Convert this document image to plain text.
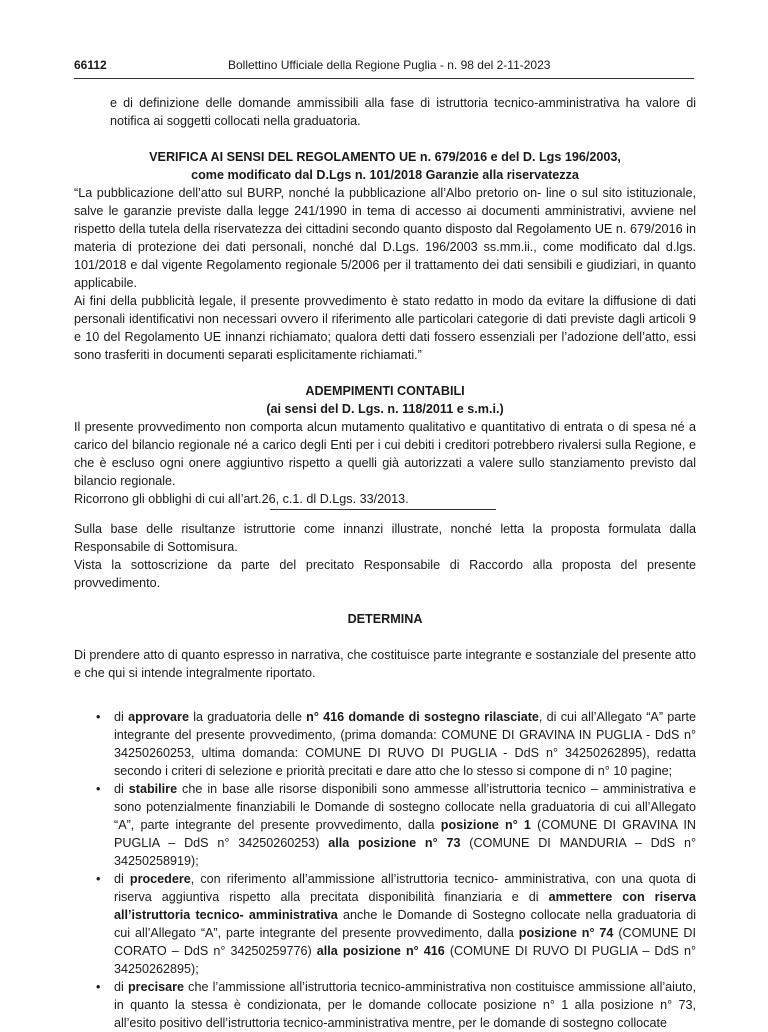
66112	Bollettino Ufficiale della Regione Puglia - n. 98 del 2-11-2023

e di definizione delle domande ammissibili alla fase di istruttoria tecnico-amministrativa ha valore di notifica ai soggetti collocati nella graduatoria.

VERIFICA AI SENSI DEL REGOLAMENTO UE n. 679/2016 e del D. Lgs 196/2003,

come modificato dal D.Lgs n. 101/2018 Garanzie alla riservatezza

“La pubblicazione dell’atto sul BURP, nonché la pubblicazione all’Albo pretorio on- line o sul sito istituzionale, salve le garanzie previste dalla legge 241/1990 in tema di accesso ai documenti amministrativi, avviene nel rispetto della tutela della riservatezza dei cittadini secondo quanto disposto dal Regolamento UE n. 679/2016 in materia di protezione dei dati personali, nonché dal D.Lgs. 196/2003 ss.mm.ii., come modificato dal d.lgs. 101/2018 e dal vigente Regolamento regionale 5/2006 per il trattamento dei dati sensibili e giudiziari, in quanto applicabile.

Ai fini della pubblicità legale, il presente provvedimento è stato redatto in modo da evitare la diffusione di dati personali identificativi non necessari ovvero il riferimento alle particolari categorie di dati previste dagli articoli 9 e 10 del Regolamento UE innanzi richiamato; qualora detti dati fossero essenziali per l’adozione dell’atto, essi sono trasferiti in documenti separati esplicitamente richiamati.”

ADEMPIMENTI CONTABILI

(ai sensi del D. Lgs. n. 118/2011 e s.m.i.)

Il presente provvedimento non comporta alcun mutamento qualitativo e quantitativo di entrata o di spesa né a carico del bilancio regionale né a carico degli Enti per i cui debiti i creditori potrebbero rivalersi sulla Regione, e che è escluso ogni onere aggiuntivo rispetto a quelli già autorizzati a valere sullo stanziamento previsto dal bilancio regionale.

Ricorrono gli obblighi di cui all’art.26, c.1. dl D.Lgs. 33/2013.

Sulla base delle risultanze istruttorie come innanzi illustrate, nonché letta la proposta formulata dalla Responsabile di Sottomisura.

Vista la sottoscrizione da parte del precitato Responsabile di Raccordo alla proposta del presente provvedimento.

DETERMINA

Di prendere atto di quanto espresso in narrativa, che costituisce parte integrante e sostanziale del presente atto e che qui si intende integralmente riportato.

• di approvare la graduatoria delle n° 416 domande di sostegno rilasciate, di cui all’Allegato “A” parte integrante del presente provvedimento, (prima domanda: COMUNE DI GRAVINA IN PUGLIA - DdS n° 34250260253, ultima domanda: COMUNE DI RUVO DI PUGLIA - DdS n° 34250262895), redatta secondo i criteri di selezione e priorità precitati e dare atto che lo stesso si compone di n° 10 pagine;
• di stabilire che in base alle risorse disponibili sono ammesse all’istruttoria tecnico – amministrativa e sono potenzialmente finanziabili le Domande di sostegno collocate nella graduatoria di cui all’Allegato “A”, parte integrante del presente provvedimento, dalla posizione n° 1 (COMUNE DI GRAVINA IN PUGLIA – DdS n° 34250260253) alla posizione n° 73 (COMUNE DI MANDURIA – DdS n° 34250258919);
• di procedere, con riferimento all’ammissione all’istruttoria tecnico- amministrativa, con una quota di riserva aggiuntiva rispetto alla precitata disponibilità finanziaria e di ammettere con riserva all’istruttoria tecnico- amministrativa anche le Domande di Sostegno collocate nella graduatoria di cui all’Allegato “A”, parte integrante del presente provvedimento, dalla posizione n° 74 (COMUNE DI CORATO – DdS n° 34250259776) alla posizione n° 416 (COMUNE DI RUVO DI PUGLIA – DdS n° 34250262895);
• di precisare che l’ammissione all’istruttoria tecnico-amministrativa non costituisce ammissione all’aiuto, in quanto la stessa è condizionata, per le domande collocate posizione n° 1 alla posizione n° 73, all’esito positivo dell’istruttoria tecnico-amministrativa mentre, per le domande di sostegno collocate
